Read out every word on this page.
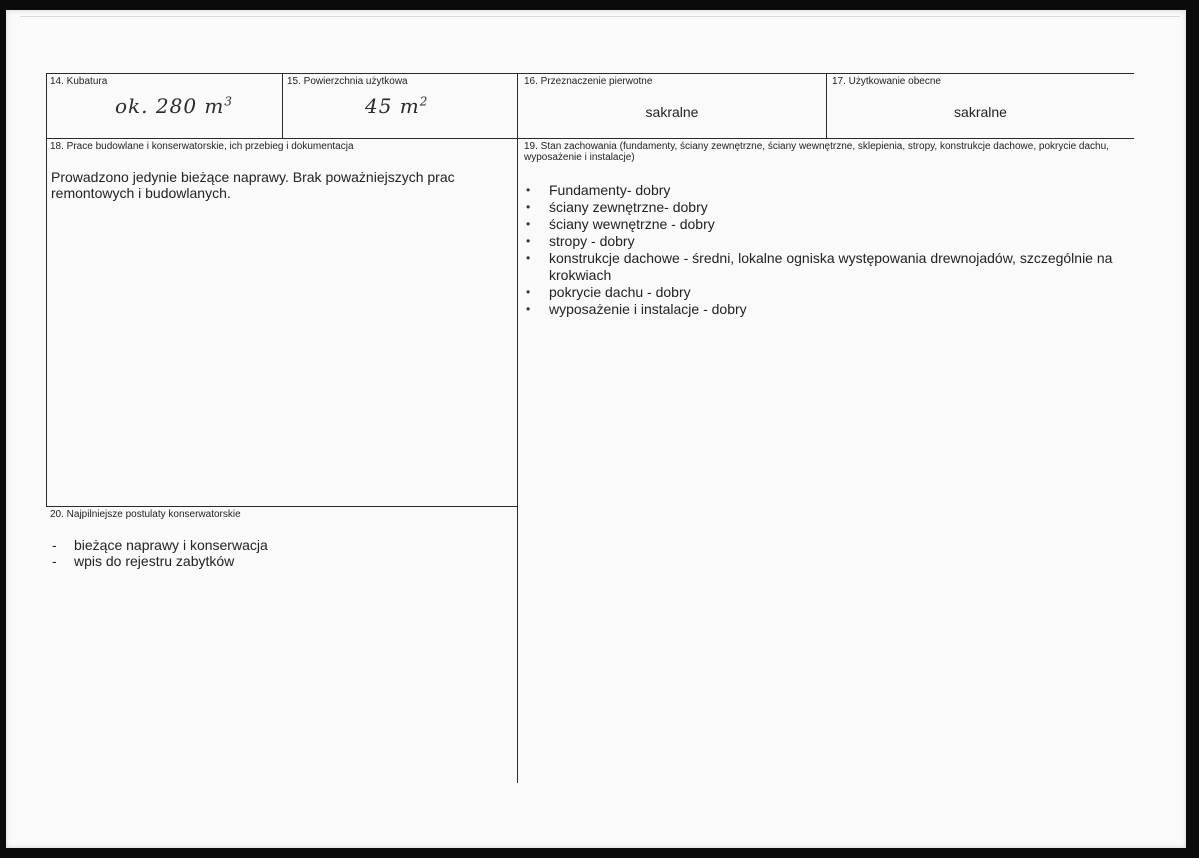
14. Kubatura
ok. 280 $m^3$
15. Powierzchnia użytkowa
45 $m^2$
16. Przeznaczenie pierwotne
sakralne
17. Użytkowanie obecne
sakralne
18. Prace budowlane i konserwatorskie, ich przebieg i dokumentacja
Prowadzono jedynie bieżące naprawy. Brak poważniejszych prac remontowych i budowlanych.
19. Stan zachowania (fundamenty, ściany zewnętrzne, ściany wewnętrzne, sklepienia, stropy, konstrukcje dachowe, pokrycie dachu, wyposażenie i instalacje)
• Fundamenty- dobry
• ściany zewnętrzne- dobry
• ściany wewnętrzne - dobry
• stropy - dobry
• konstrukcje dachowe - średni, lokalne ogniska występowania drewnojadów, szczególnie na krokwiach
• pokrycie dachu - dobry
• wyposażenie i instalacje - dobry
20. Najpilniejsze postulaty konserwatorskie
- bieżące naprawy i konserwacja
- wpis do rejestru zabytków
